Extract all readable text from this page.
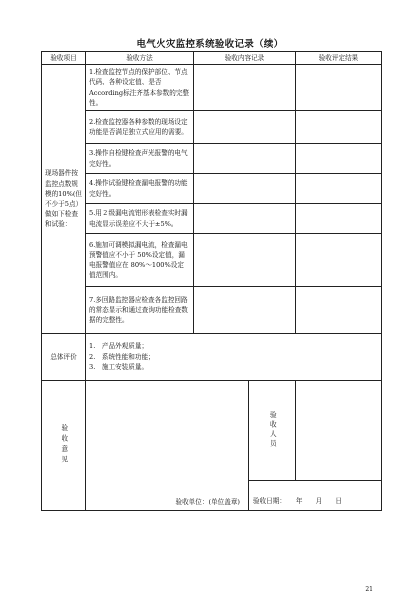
电气火灾监控系统验收记录（续）
验收项目	验收方法	验收内容记录		验收评定结果
现场器件按监控点数规模的10%(但不少于5点）做如下检查和试验：	1.检查监控节点的保护部位、节点代码、各种设定值、是否According标注齐基本参数的完整性。			
	2.检查监控器各种参数的现场设定功能是否满足独立式应用的需要。			
	3.操作自检键检查声光报警的电气完好性。			
	4.操作试验键检查漏电报警的功能完好性。			
	5.用２级漏电流钳形表检查实时漏电流显示误差应不大于±5%。			
	6.施加可调模拟漏电流，检查漏电预警值应不小于 50%设定值，漏电报警值应在 80%～100%设定值范围内。			
	7.多回路监控器应检查各监控回路的常态显示和通过查询功能检查数据的完整性。			
总体评价	1.　产品外观质量；
2.　系统性能和功能；
3.　施工安装质量。			

验收意见	验收单位：(单位盖章)		验收人员	

			验收日期：　　年　　月　　日	
21
